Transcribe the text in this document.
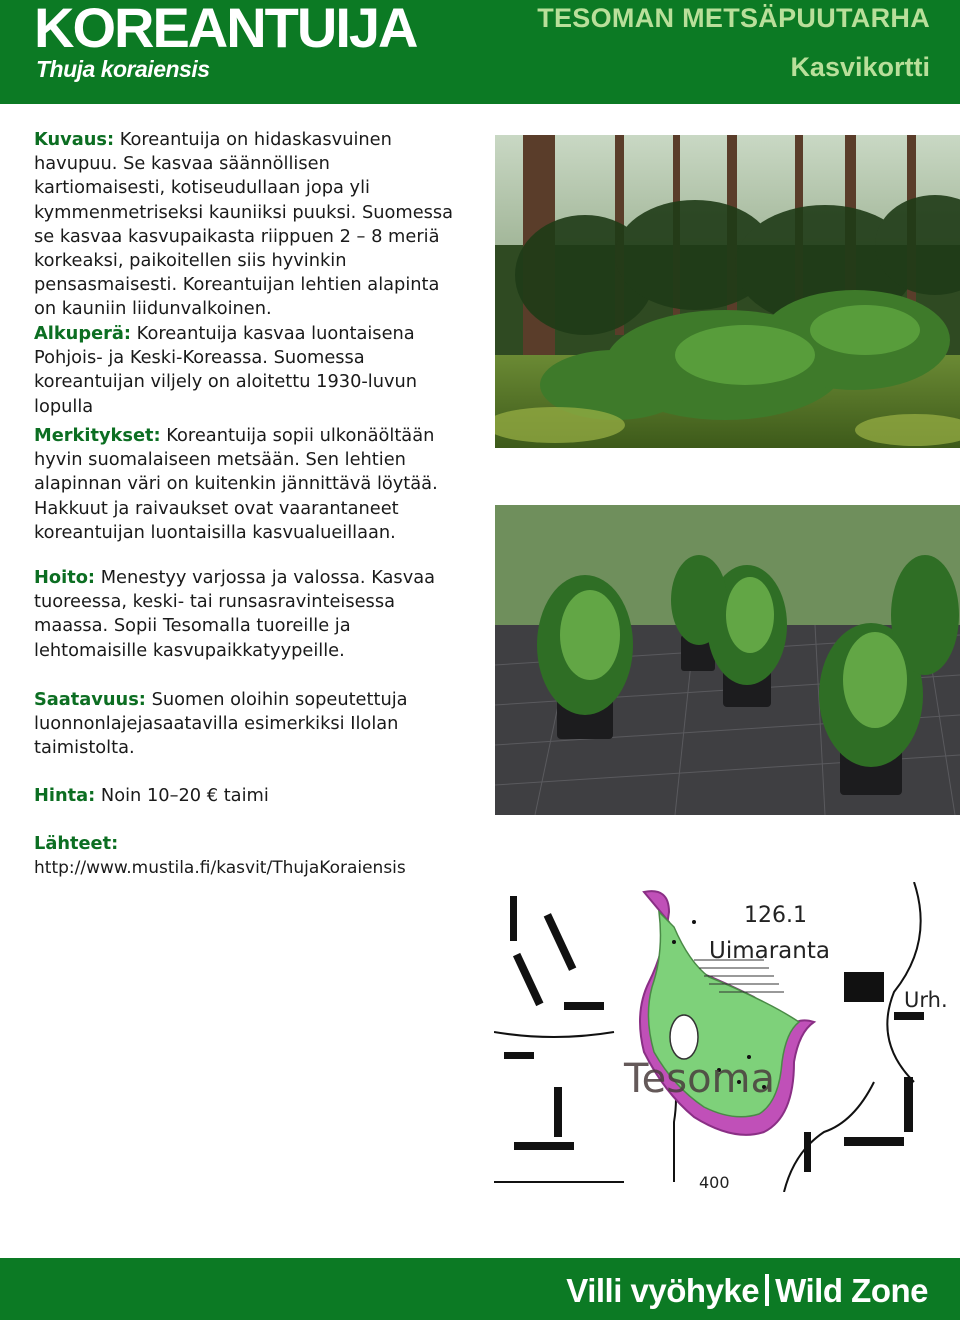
KOREANTUIJA
Thuja koraiensis
TESOMAN METSÄPUUTARHA
Kasvikortti

Kuvaus: Koreantuija on hidaskasvuinen havupuu. Se kasvaa säännöllisen kartiomaisesti, kotiseudullaan jopa yli kymmenmetriseksi kauniiksi puuksi. Suomessa se kasvaa kasvupaikasta riippuen 2 – 8 meriä korkeaksi, paikoitellen siis hyvinkin pensasmaisesti. Koreantuijan lehtien alapinta on kauniin liidunvalkoinen.

Alkuperä: Koreantuija kasvaa luontaisena Pohjois- ja Keski-Koreassa. Suomessa koreantuijan viljely on aloitettu 1930-luvun lopulla

Merkitykset: Koreantuija sopii ulkonäöltään hyvin suomalaiseen metsään. Sen lehtien alapinnan väri on kuitenkin jännittävä löytää. Hakkuut ja raivaukset ovat vaarantaneet koreantuijan luontaisilla kasvualueillaan.

Hoito: Menestyy varjossa ja valossa. Kasvaa tuoreessa, keski- tai runsasravinteisessa maassa. Sopii Tesomalla tuoreille ja lehtomaisille kasvupaikkatyypeille.

Saatavuus: Suomen oloihin sopeutettuja luonnonlajejasaatavilla esimerkiksi Ilolan taimistolta.

Hinta: Noin 10–20 € taimi

Lähteet:
http://www.mustila.fi/kasvit/ThujaKoraiensis
126.1
Uimaranta
Urh.
Tesoma
400
Villi vyöhyke Wild Zone
